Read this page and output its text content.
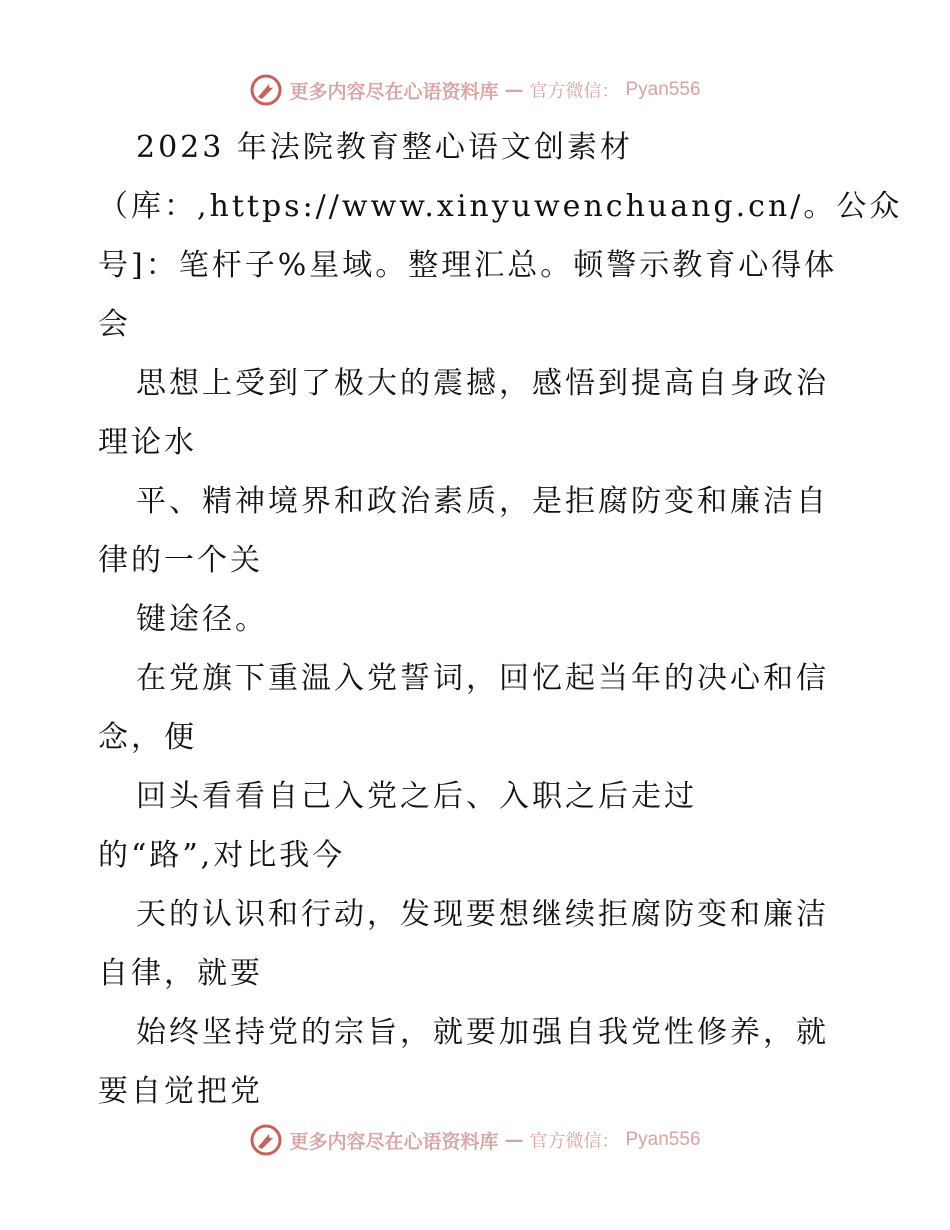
更多内容尽在心语资料库 — 官方微信： Pyan556
2023 年法院教育整心语文创素材
（库：,https://www.xinyuwenchuang.cn/。公众
号]：笔杆子%星域。整理汇总。顿警示教育心得体
会
思想上受到了极大的震撼，感悟到提高自身政治
理论水
平、精神境界和政治素质，是拒腐防变和廉洁自
律的一个关
键途径。
在党旗下重温入党誓词，回忆起当年的决心和信
念，便
回头看看自己入党之后、入职之后走过
的“路”,对比我今
天的认识和行动，发现要想继续拒腐防变和廉洁
自律，就要
始终坚持党的宗旨，就要加强自我党性修养，就
要自觉把党
更多内容尽在心语资料库 — 官方微信： Pyan556
